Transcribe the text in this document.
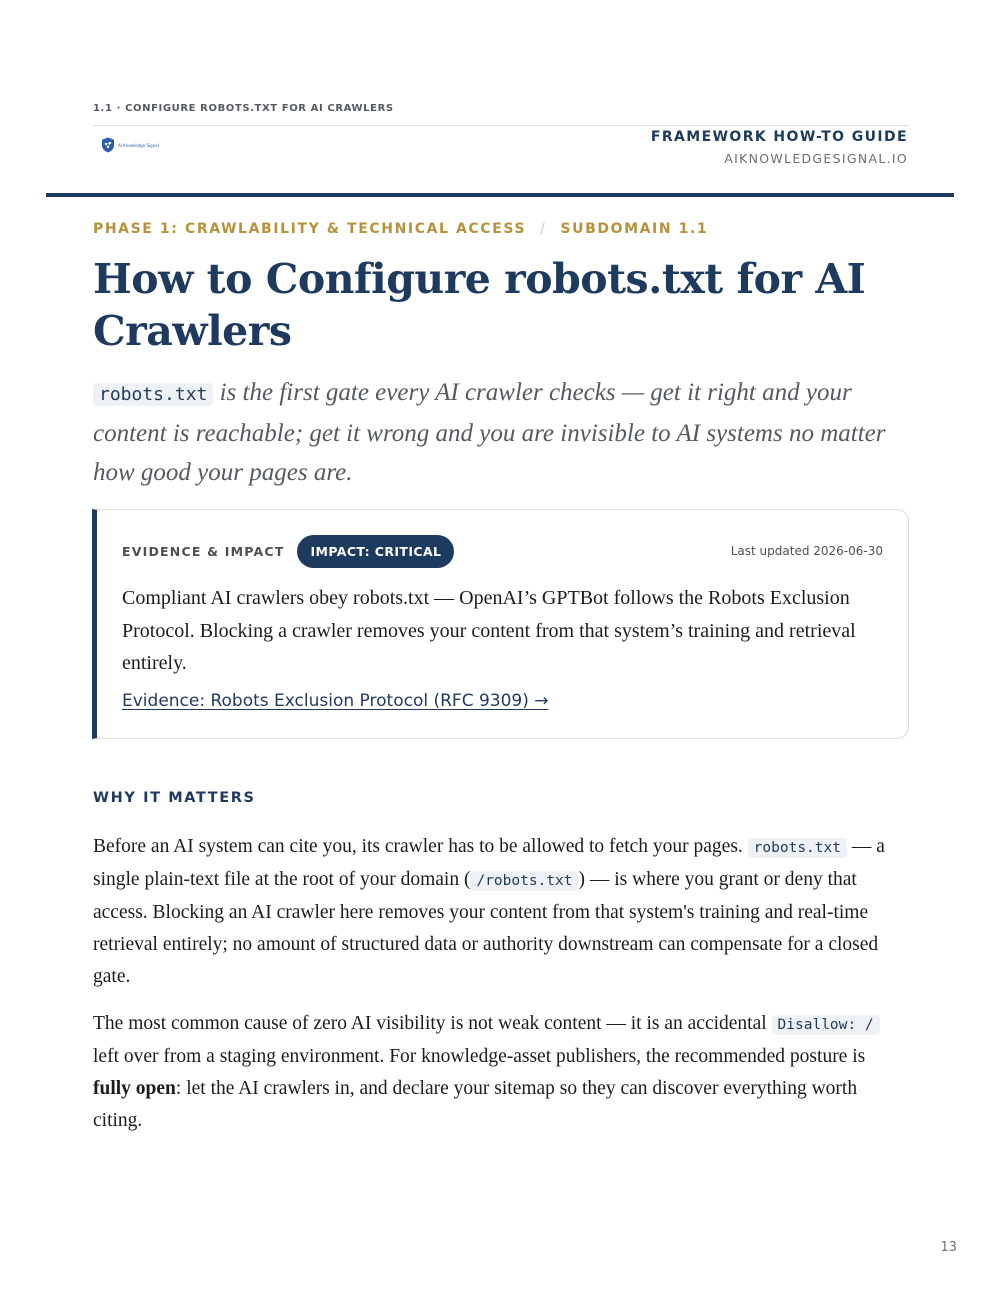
1.1 · CONFIGURE ROBOTS.TXT FOR AI CRAWLERS
AI Knowledge Signal	FRAMEWORK HOW-TO GUIDE
AIKNOWLEDGESIGNAL.IO
PHASE 1: CRAWLABILITY & TECHNICAL ACCESS / SUBDOMAIN 1.1
How to Configure robots.txt for AI Crawlers

robots.txt is the first gate every AI crawler checks — get it right and your content is reachable; get it wrong and you are invisible to AI systems no matter how good your pages are.

EVIDENCE & IMPACT	IMPACT: CRITICAL	Last updated 2026-06-30

Compliant AI crawlers obey robots.txt — OpenAI’s GPTBot follows the Robots Exclusion Protocol. Blocking a crawler removes your content from that system’s training and retrieval entirely.

Evidence: Robots Exclusion Protocol (RFC 9309) →
WHY IT MATTERS

Before an AI system can cite you, its crawler has to be allowed to fetch your pages. robots.txt — a single plain-text file at the root of your domain ( /robots.txt ) — is where you grant or deny that access. Blocking an AI crawler here removes your content from that system's training and real-time retrieval entirely; no amount of structured data or authority downstream can compensate for a closed gate.

The most common cause of zero AI visibility is not weak content — it is an accidental Disallow: / left over from a staging environment. For knowledge-asset publishers, the recommended posture is fully open: let the AI crawlers in, and declare your sitemap so they can discover everything worth citing.

13
